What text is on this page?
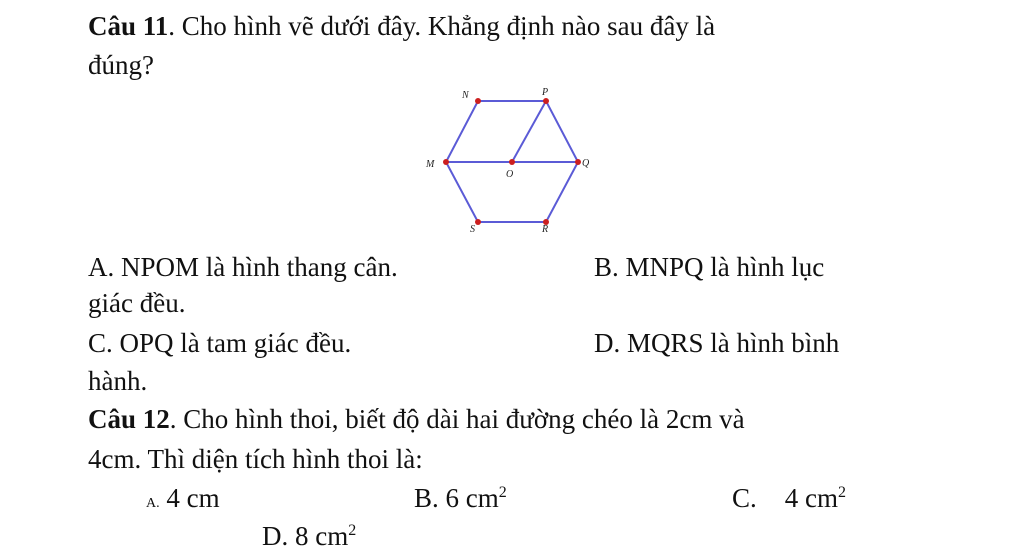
Câu 11. Cho hình vẽ dưới đây. Khẳng định nào sau đây là
đúng?
N	P
M
O
Q
S	R
A. NPOM là hình thang cân.	B. MNPQ là hình lục
giác đều.
C. OPQ là tam giác đều.	D. MQRS là hình bình
hành.
Câu 12. Cho hình thoi, biết độ dài hai đường chéo là 2cm và
4cm. Thì diện tích hình thoi là:
A. 4 cm	B. 6 $cm^2$	C. 4 $cm^2$
D. 8 $cm^2$
